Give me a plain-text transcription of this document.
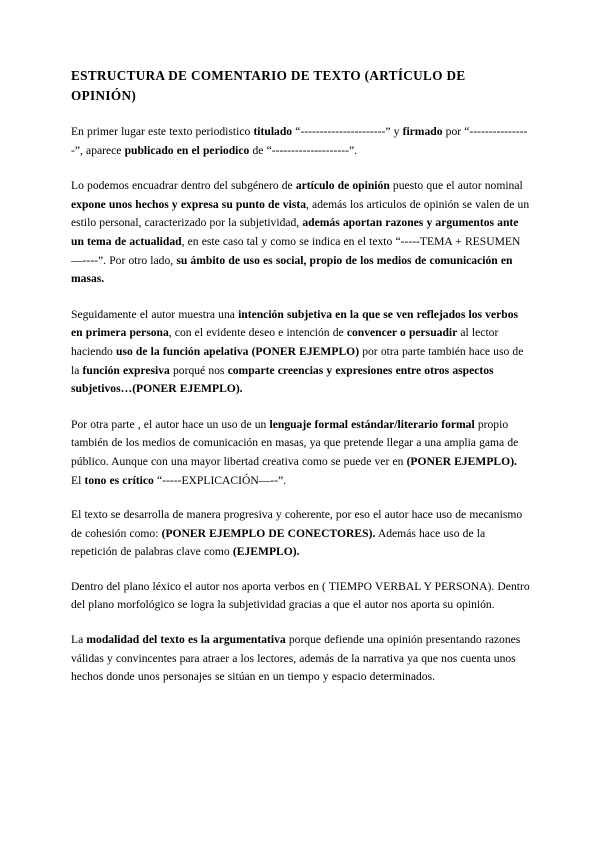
ESTRUCTURA DE COMENTARIO DE TEXTO (ARTÍCULO DE OPINIÓN)

En primer lugar este texto periodistico titulado “----------------------” y firmado por “----------------”, aparece publicado en el periodico de “--------------------”.

Lo podemos encuadrar dentro del subgénero de artículo de opinión puesto que el autor nominal expone unos hechos y expresa su punto de vista, además los articulos de opinión se valen de un estilo personal, caracterizado por la subjetividad, además aportan razones y argumentos ante un tema de actualidad, en este caso tal y como se indica en el texto “-----TEMA + RESUMEN—----”. Por otro lado, su ámbito de uso es social, propio de los medios de comunicación en masas.

Seguidamente el autor muestra una intención subjetiva en la que se ven reflejados los verbos en primera persona, con el evidente deseo e intención de convencer o persuadir al lector haciendo uso de la función apelativa (PONER EJEMPLO) por otra parte también hace uso de la función expresiva porqué nos comparte creencias y expresiones entre otros aspectos subjetivos…(PONER EJEMPLO).

Por otra parte , el autor hace un uso de un lenguaje formal estándar/literario formal propio también de los medios de comunicación en masas, ya que pretende llegar a una amplia gama de público. Aunque con una mayor libertad creativa como se puede ver en (PONER EJEMPLO). El tono es crítico “-----EXPLICACIÓN—--”.

El texto se desarrolla de manera progresiva y coherente, por eso el autor hace uso de mecanismo de cohesión como: (PONER EJEMPLO DE CONECTORES). Además hace uso de la repetición de palabras clave como (EJEMPLO).

Dentro del plano léxico el autor nos aporta verbos en ( TIEMPO VERBAL Y PERSONA). Dentro del plano morfológico se logra la subjetividad gracias a que el autor nos aporta su opinión.

La modalidad del texto es la argumentativa porque defiende una opinión presentando razones válidas y convincentes para atraer a los lectores, además de la narrativa ya que nos cuenta unos hechos donde unos personajes se sitúan en un tiempo y espacio determinados.
